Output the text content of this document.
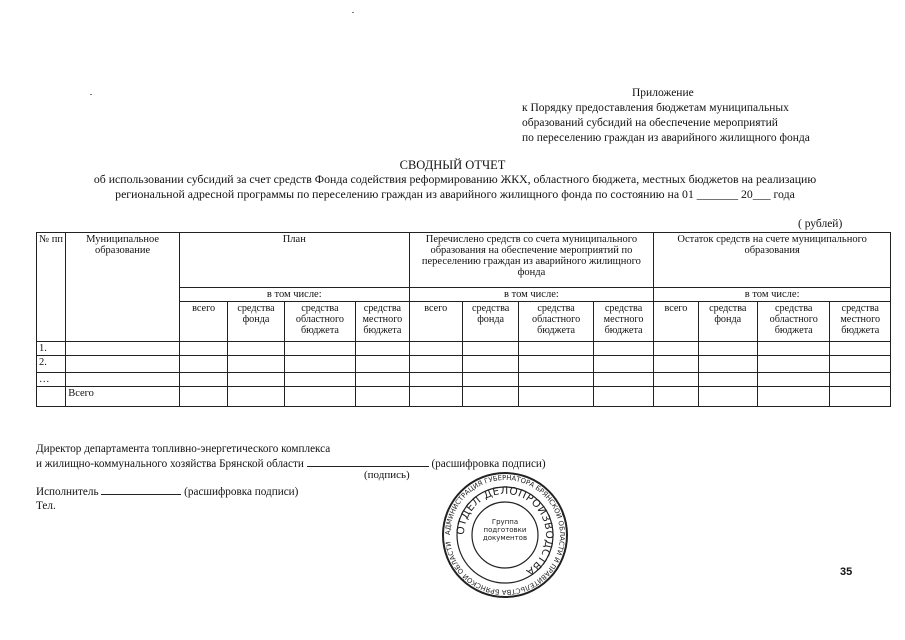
Приложение
к Порядку предоставления бюджетам муниципальных
образований субсидий на обеспечение мероприятий
по переселению граждан из аварийного жилищного фонда
СВОДНЫЙ ОТЧЕТ
об использовании субсидий за счет средств Фонда содействия реформированию ЖКХ, областного бюджета, местных бюджетов на реализацию
региональной адресной программы по переселению граждан из аварийного жилищного фонда по состоянию на 01 _______ 20___ года
( рублей)
№ пп	Муниципальное образование	План				Перечислено средств со счета муниципального образования на обеспечение мероприятий по переселению граждан из аварийного жилищного фонда				Остаток средств на счете муниципального образования			
		в том числе:				в том числе:				в том числе:			
		всего	средства фонда	средства областного бюджета	средства местного бюджета	всего	средства фонда	средства областного бюджета	средства местного бюджета	всего	средства фонда	средства областного бюджета	средства местного бюджета
1.													
2.													
…													
	Всего												
Директор департамента топливно-энергетического комплекса
и жилищно-коммунального хозяйства Брянской области	(расшифровка подписи)
(подпись)
Исполнитель	(расшифровка подписи)
Тел.
АДМИНИСТРАЦИЯ ГУБЕРНАТОРА БРЯНСКОЙ ОБЛАСТИ И ПРАВИТЕЛЬСТВА БРЯНСКОЙ ОБЛАСТИ
ОТДЕЛ ДЕЛОПРОИЗВОДСТВА
Группа подготовки документов
35
